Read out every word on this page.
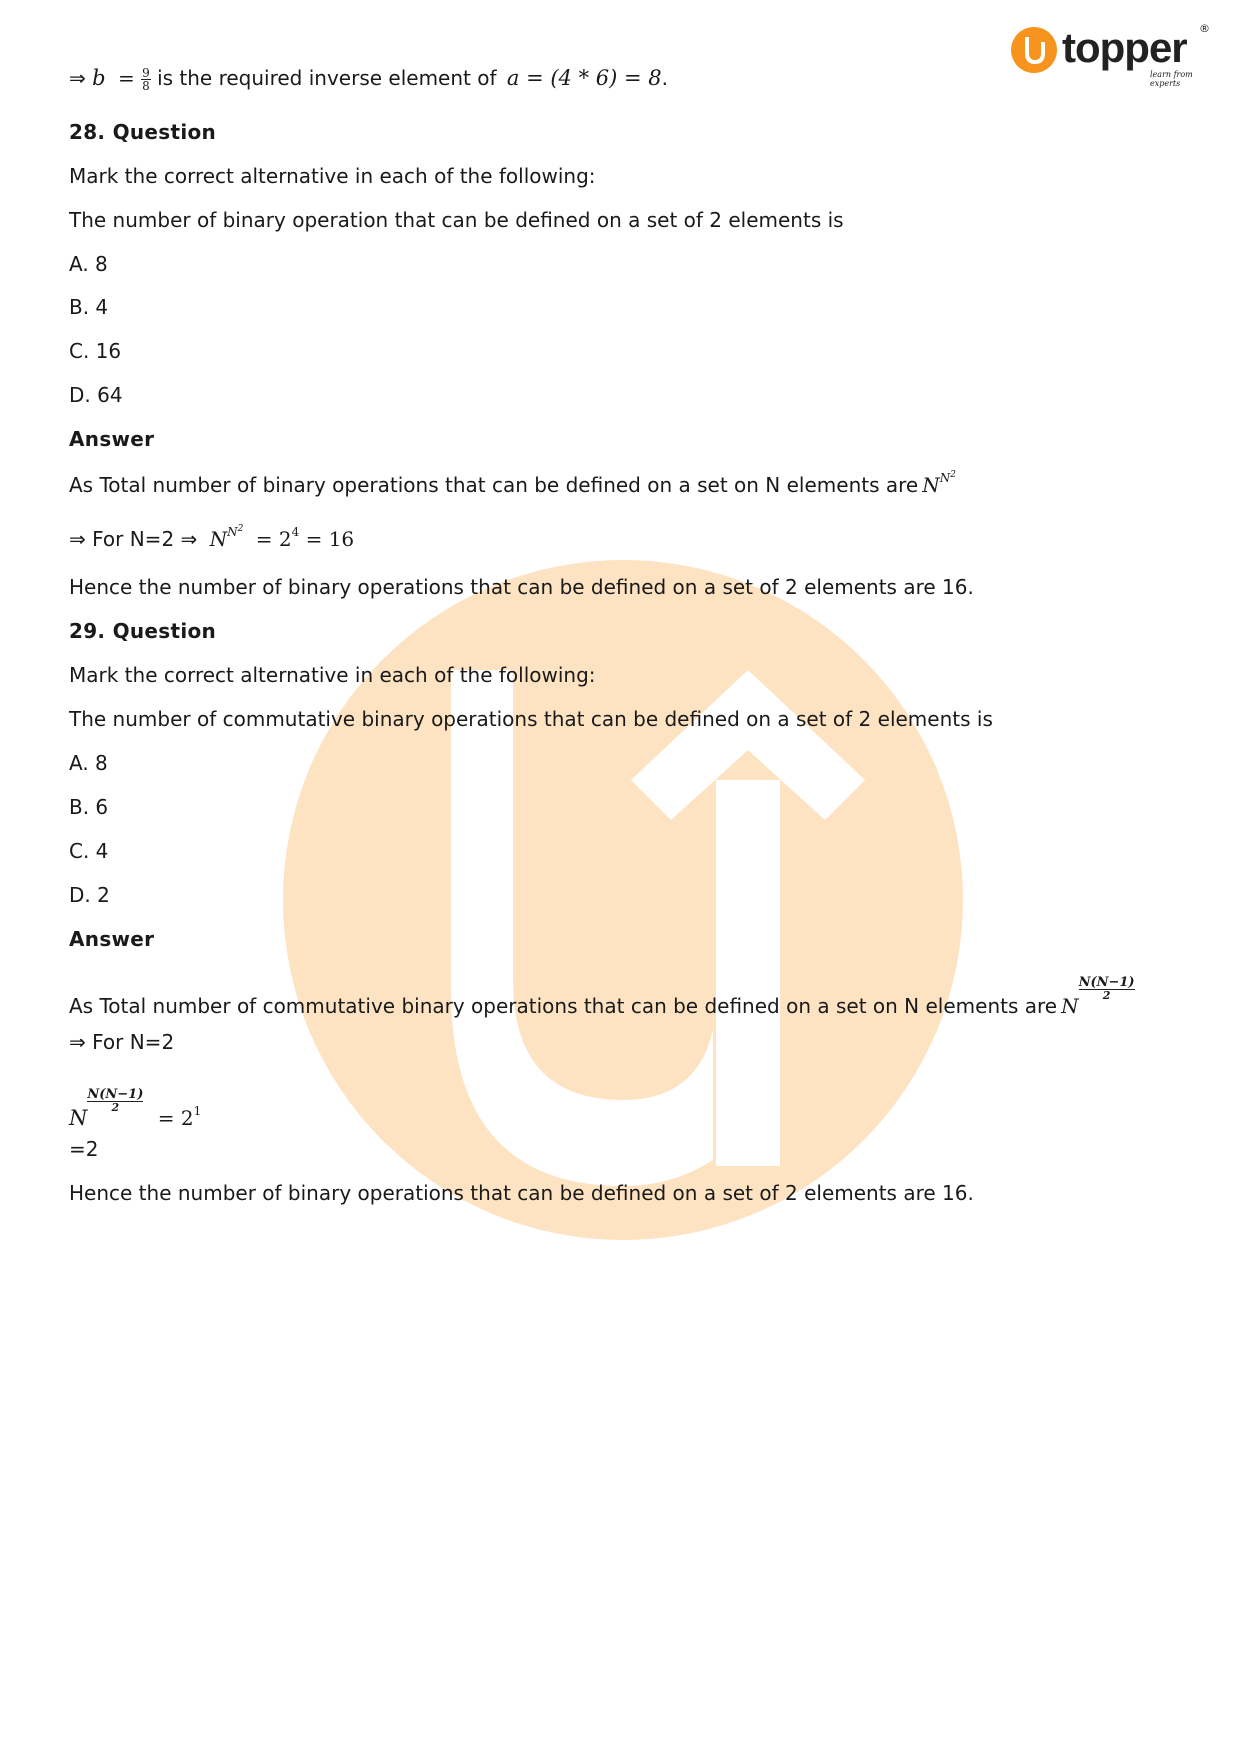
topper ®
learn from experts
⇒ $b = \frac{9}{8}$ is the required inverse element of a = (4 * 6) = 8.
28. Question
Mark the correct alternative in each of the following:
The number of binary operation that can be defined on a set of 2 elements is
A. 8
B. 4
C. 16
D. 64
Answer
As Total number of binary operations that can be defined on a set on N elements are $N^{N^2}$
⇒ For N=2 ⇒ $N^{N^2} = 2^4 = 16$
Hence the number of binary operations that can be defined on a set of 2 elements are 16.
29. Question
Mark the correct alternative in each of the following:
The number of commutative binary operations that can be defined on a set of 2 elements is
A. 8
B. 6
C. 4
D. 2
Answer
As Total number of commutative binary operations that can be defined on a set on N elements are N
$\frac{N(N-1)}{2}$
⇒ For N=2
N
$\frac{N(N-1)}{2}$
= $2^1$
=2
Hence the number of binary operations that can be defined on a set of 2 elements are 16.
